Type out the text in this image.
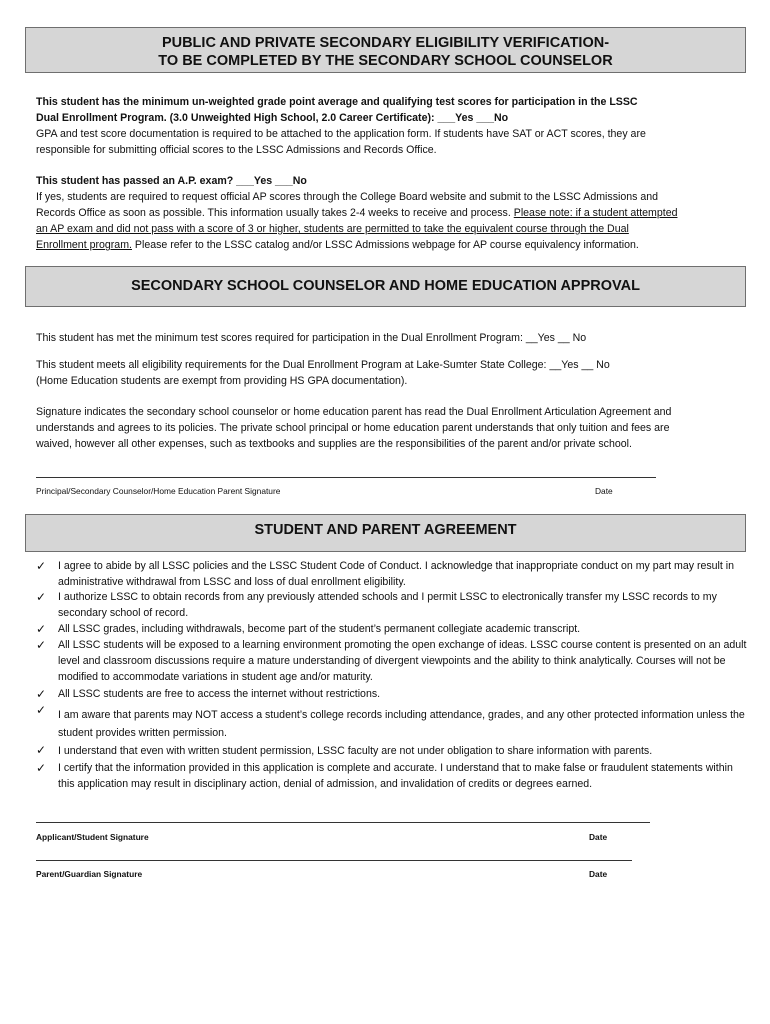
PUBLIC AND PRIVATE SECONDARY ELIGIBILITY VERIFICATION-
TO BE COMPLETED BY THE SECONDARY SCHOOL COUNSELOR
This student has the minimum un-weighted grade point average and qualifying test scores for participation in the LSSC
Dual Enrollment Program. (3.0 Unweighted High School, 2.0 Career Certificate): ___Yes ___No
GPA and test score documentation is required to be attached to the application form. If students have SAT or ACT scores, they are
responsible for submitting official scores to the LSSC Admissions and Records Office.
This student has passed an A.P. exam? ___Yes ___No
If yes, students are required to request official AP scores through the College Board website and submit to the LSSC Admissions and
Records Office as soon as possible. This information usually takes 2-4 weeks to receive and process. Please note: if a student attempted
an AP exam and did not pass with a score of 3 or higher, students are permitted to take the equivalent course through the Dual
Enrollment program. Please refer to the LSSC catalog and/or LSSC Admissions webpage for AP course equivalency information.
SECONDARY SCHOOL COUNSELOR AND HOME EDUCATION APPROVAL
This student has met the minimum test scores required for participation in the Dual Enrollment Program: __Yes __ No
This student meets all eligibility requirements for the Dual Enrollment Program at Lake-Sumter State College: __Yes __ No
(Home Education students are exempt from providing HS GPA documentation).
Signature indicates the secondary school counselor or home education parent has read the Dual Enrollment Articulation Agreement and
understands and agrees to its policies. The private school principal or home education parent understands that only tuition and fees are
waived, however all other expenses, such as textbooks and supplies are the responsibilities of the parent and/or private school.
Principal/Secondary Counselor/Home Education Parent Signature	Date
STUDENT AND PARENT AGREEMENT
✓ I agree to abide by all LSSC policies and the LSSC Student Code of Conduct. I acknowledge that inappropriate conduct on my part may result in administrative withdrawal from LSSC and loss of dual enrollment eligibility.
✓ I authorize LSSC to obtain records from any previously attended schools and I permit LSSC to electronically transfer my LSSC records to my secondary school of record.
✓ All LSSC grades, including withdrawals, become part of the student’s permanent collegiate academic transcript.
✓ All LSSC students will be exposed to a learning environment promoting the open exchange of ideas. LSSC course content is presented on an adult level and classroom discussions require a mature understanding of divergent viewpoints and the ability to think analytically. Courses will not be modified to accommodate variations in student age and/or maturity.
✓ All LSSC students are free to access the internet without restrictions.
✓ I am aware that parents may NOT access a student’s college records including attendance, grades, and any other protected information unless the student provides written permission.
✓ I understand that even with written student permission, LSSC faculty are not under obligation to share information with parents.
✓ I certify that the information provided in this application is complete and accurate. I understand that to make false or fraudulent statements within this application may result in disciplinary action, denial of admission, and invalidation of credits or degrees earned.
Applicant/Student Signature	Date
Parent/Guardian Signature	Date
